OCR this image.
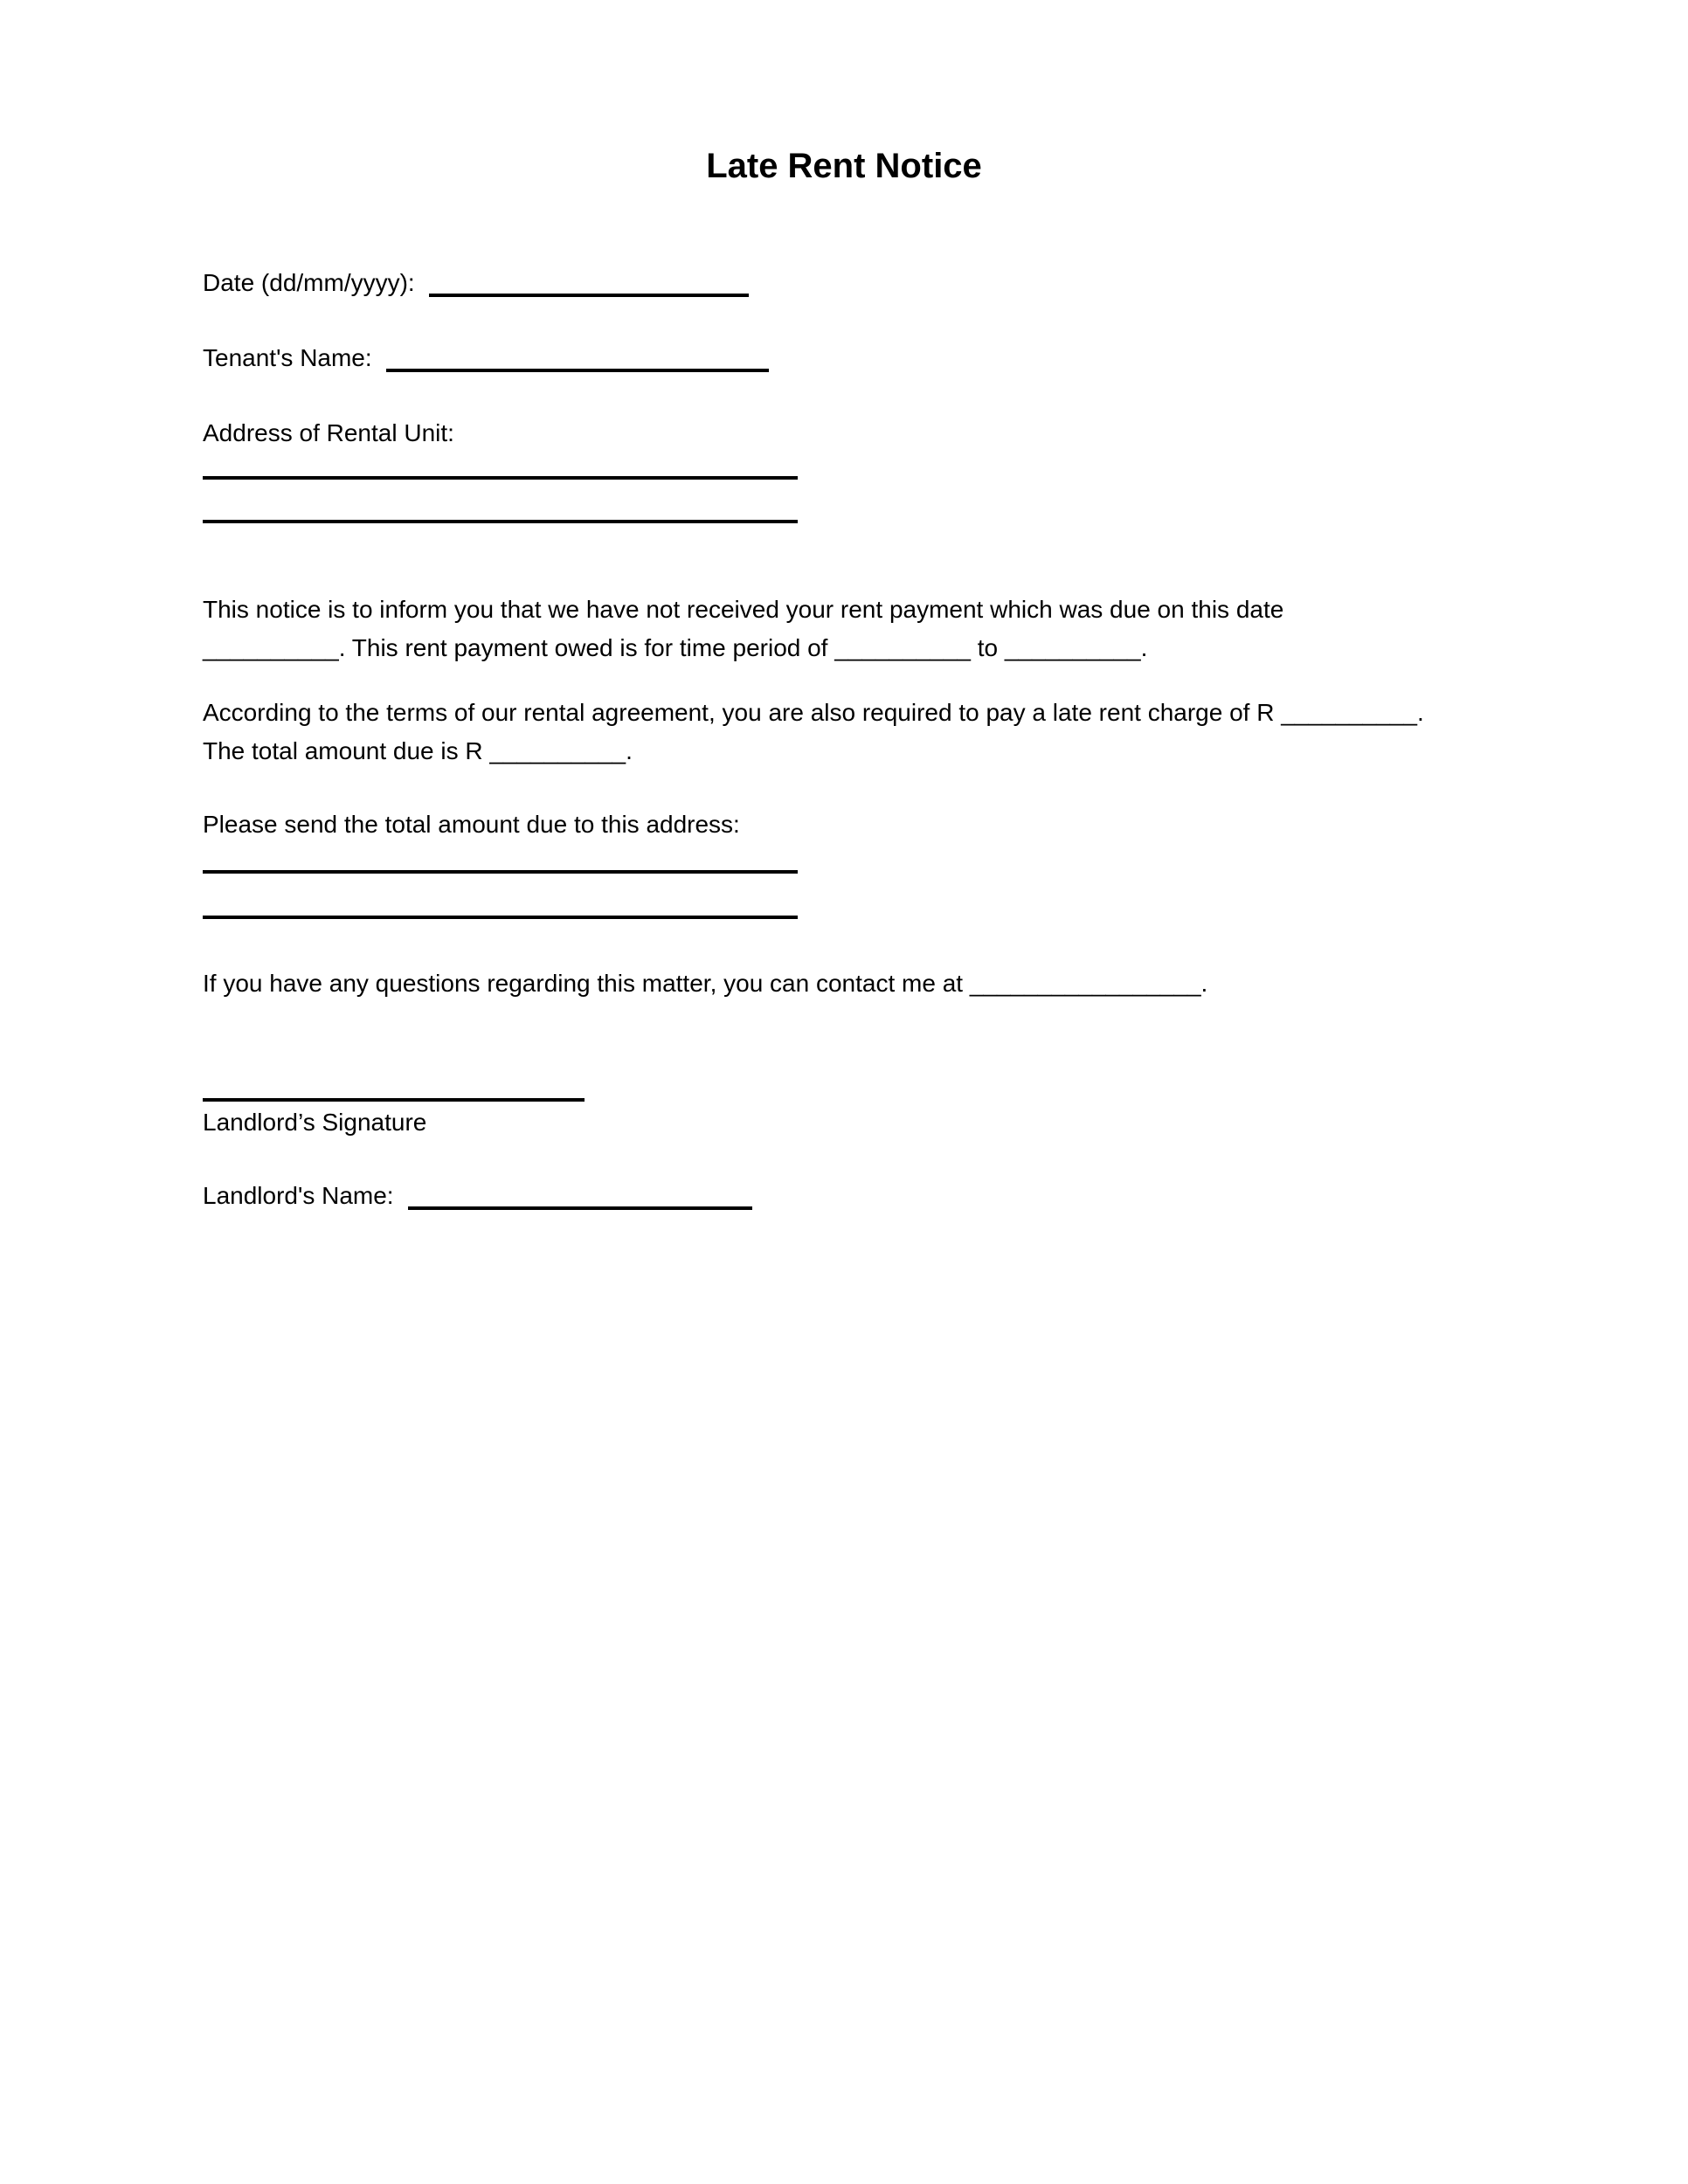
Late Rent Notice
Date (dd/mm/yyyy):
Tenant's Name:
Address of Rental Unit:

This notice is to inform you that we have not received your rent payment which was due on this date __________. This rent payment owed is for time period of __________ to __________.

According to the terms of our rental agreement, you are also required to pay a late rent charge of R __________. The total amount due is R __________.

Please send the total amount due to this address:

If you have any questions regarding this matter, you can contact me at _________________.

Landlord’s Signature
Landlord's Name:
